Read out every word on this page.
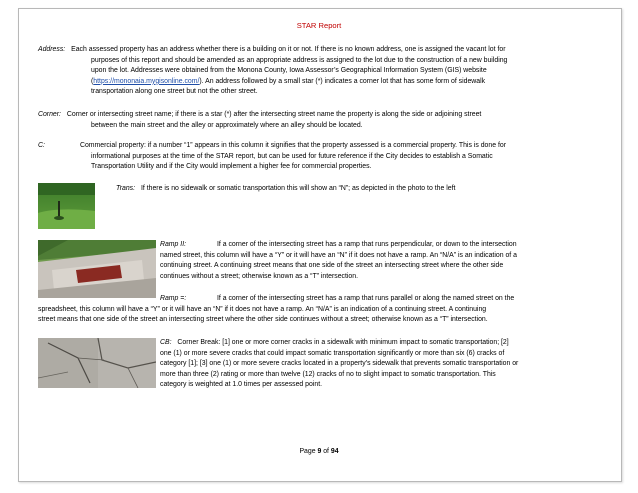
STAR Report
Address: Each assessed property has an address whether there is a building on it or not. If there is no known address, one is assigned the vacant lot for
purposes of this report and should be amended as an appropriate address is assigned to the lot due to the construction of a new building
upon the lot. Addresses were obtained from the Monona County, Iowa Assessor’s Geographical Information System (GIS) website
(https://mononaia.mygisonline.com/). An address followed by a small star (*) indicates a corner lot that has some form of sidewalk
transportation along one street but not the other street.
Corner: Corner or intersecting street name; if there is a star (*) after the intersecting street name the property is along the side or adjoining street
between the main street and the alley or approximately where an alley should be located.
C:	Commercial property: if a number “1” appears in this column it signifies that the property assessed is a commercial property. This is done for
informational purposes at the time of the STAR report, but can be used for future reference if the City decides to establish a Somatic
Transportation Utility and if the City would implement a higher fee for commercial properties.
Trans: If there is no sidewalk or somatic transportation this will show an “N”; as depicted in the photo to the left
Ramp II:	If a corner of the intersecting street has a ramp that runs perpendicular, or down to the intersection
named street, this column will have a “Y” or it will have an “N” if it does not have a ramp. An “N/A” is an indication of a
continuing street. A continuing street means that one side of the street an intersecting street where the other side
continues without a street; otherwise known as a “T” intersection.
Ramp =:	If a corner of the intersecting street has a ramp that runs parallel or along the named street on the
spreadsheet, this column will have a “Y” or it will have an “N” if it does not have a ramp. An “N/A” is an indication of a continuing street. A continuing
street means that one side of the street an intersecting street where the other side continues without a street; otherwise known as a “T” intersection.
CB: Corner Break: [1] one or more corner cracks in a sidewalk with minimum impact to somatic transportation; [2]
one (1) or more severe cracks that could impact somatic transportation significantly or more than six (6) cracks of
category [1]; [3] one (1) or more severe cracks located in a property’s sidewalk that prevents somatic transportation or
more than three (2) rating or more than twelve (12) cracks of no to slight impact to somatic transportation. This
category is weighted at 1.0 times per assessed point.
Page 9 of 94
